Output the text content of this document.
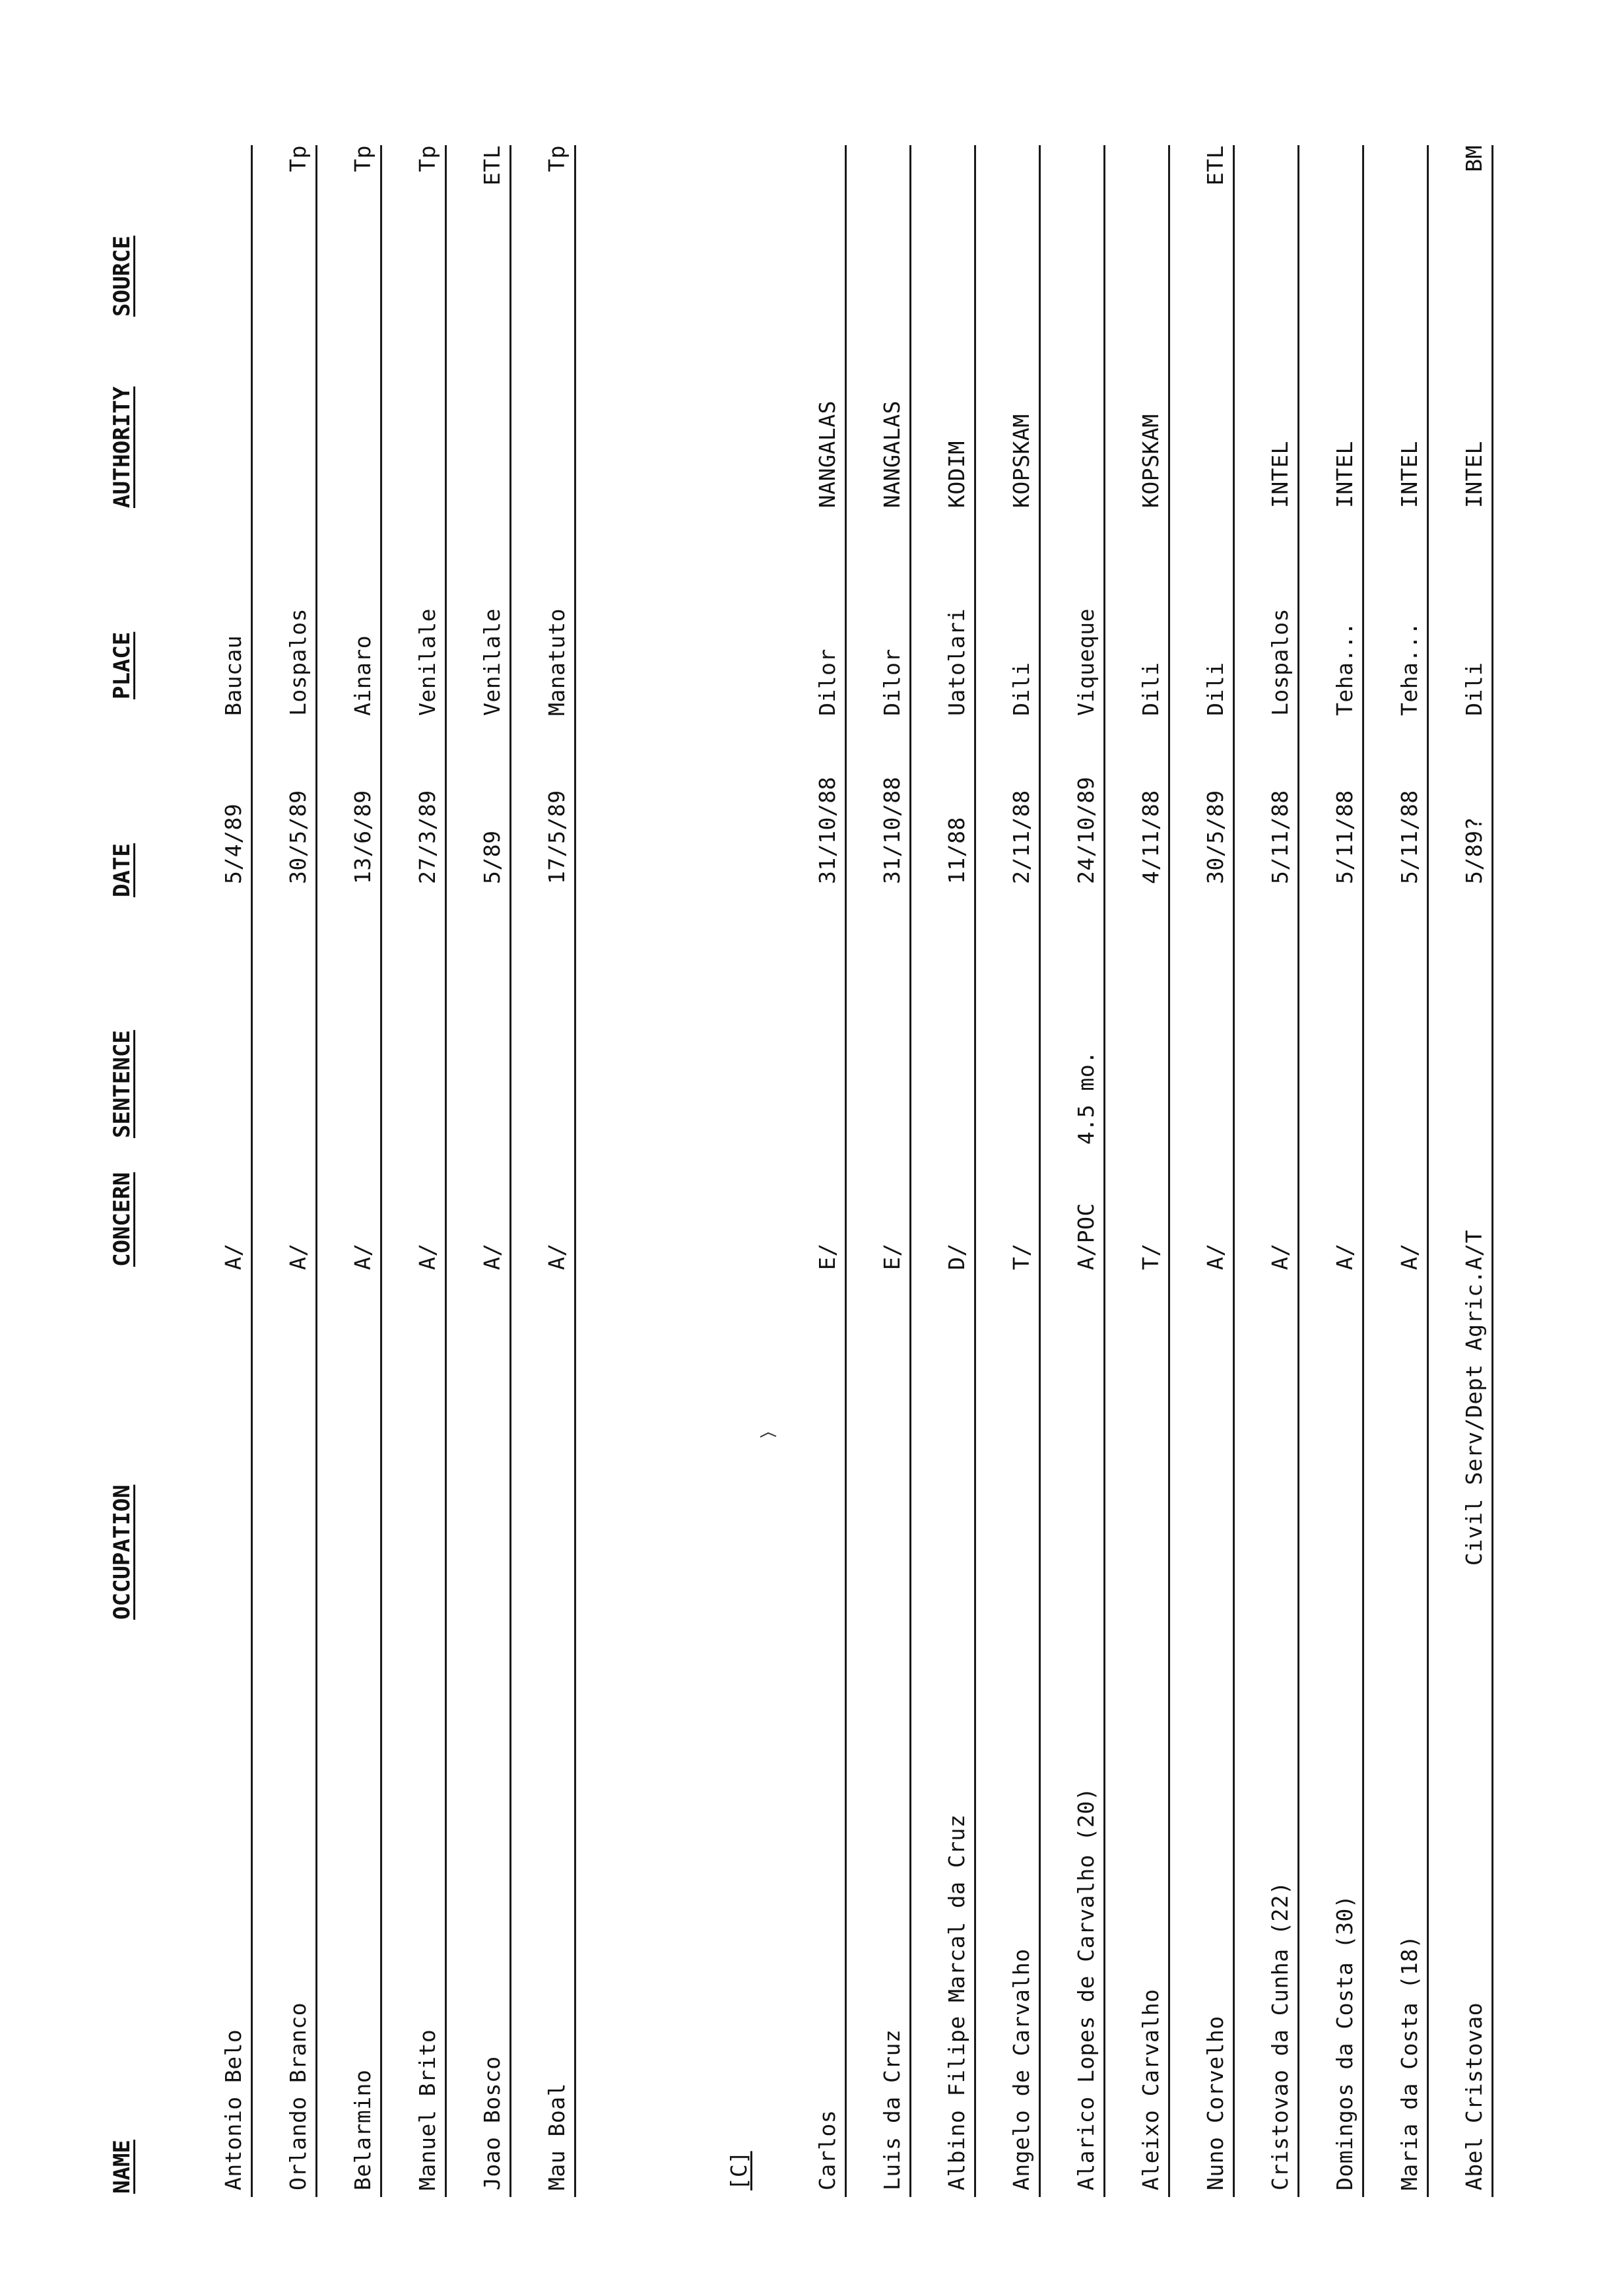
NAME
OCCUPATION
CONCERN
SENTENCE
DATE
PLACE
AUTHORITY
SOURCE
[C]
Antonio Belo
A/
5/4/89
Baucau
Orlando Branco
A/
30/5/89
Lospalos
Tp
Belarmino
A/
13/6/89
Ainaro
Tp
Manuel Brito
A/
27/3/89
Venilale
Tp
Joao Bosco
A/
5/89
Venilale
ETL
Mau Boal
A/
17/5/89
Manatuto
Tp
Carlos
E/
31/10/88
Dilor
NANGALAS
Luis da Cruz
E/
31/10/88
Dilor
NANGALAS
Albino Filipe Marcal da Cruz
D/
11/88
Uatolari
KODIM
Angelo de Carvalho
T/
2/11/88
Dili
KOPSKAM
Alarico Lopes de Carvalho (20)
A/POC
4.5 mo.
24/10/89
Viqueque
Aleixo Carvalho
T/
4/11/88
Dili
KOPSKAM
Nuno Corvelho
A/
30/5/89
Dili
ETL
Cristovao da Cunha (22)
A/
5/11/88
Lospalos
INTEL
Domingos da Costa (30)
A/
5/11/88
Teha...
INTEL
Maria da Costa (18)
A/
5/11/88
Teha...
INTEL
Abel Cristovao
Civil Serv/Dept Agric.
A/T
5/89?
Dili
INTEL
BM
